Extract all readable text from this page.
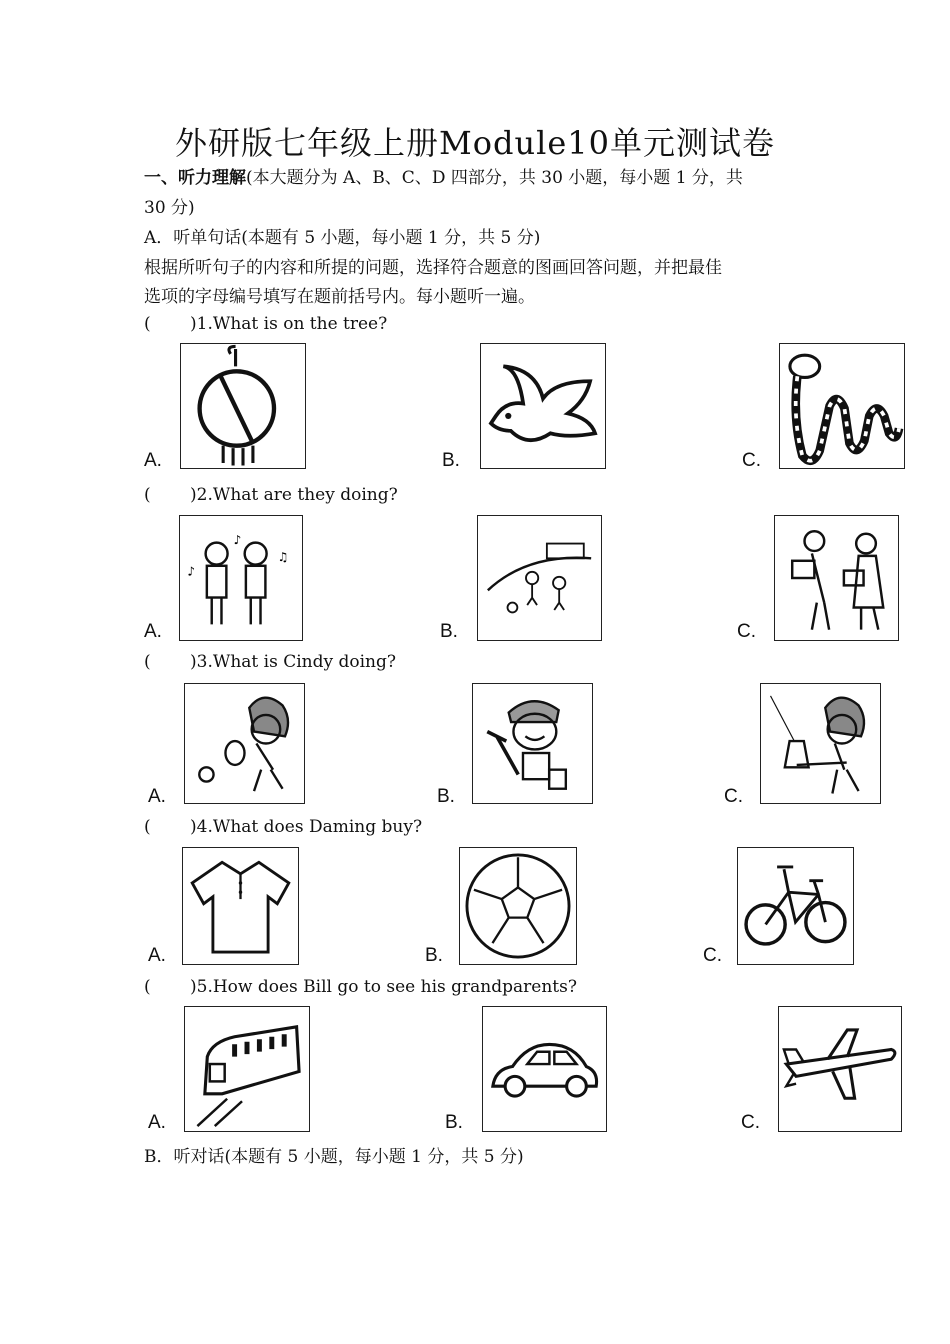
外研版七年级上册Module10单元测试卷
一、听力理解(本大题分为 A、B、C、D 四部分，共 30 小题，每小题 1 分，共
30 分)
A．听单句话(本题有 5 小题，每小题 1 分，共 5 分)
根据所听句子的内容和所提的问题，选择符合题意的图画回答问题，并把最佳
选项的字母编号填写在题前括号内。每小题听一遍。
( )1.What is on the tree?
A.	B.	C.
( )2.What are they doing?
A.
♪
♫
♪
B.	C.
( )3.What is Cindy doing?
A.	B.	C.
( )4.What does Daming buy?
A.	B.	C.
( )5.How does Bill go to see his grandparents?
A.	B.	C.
B．听对话(本题有 5 小题，每小题 1 分，共 5 分)
